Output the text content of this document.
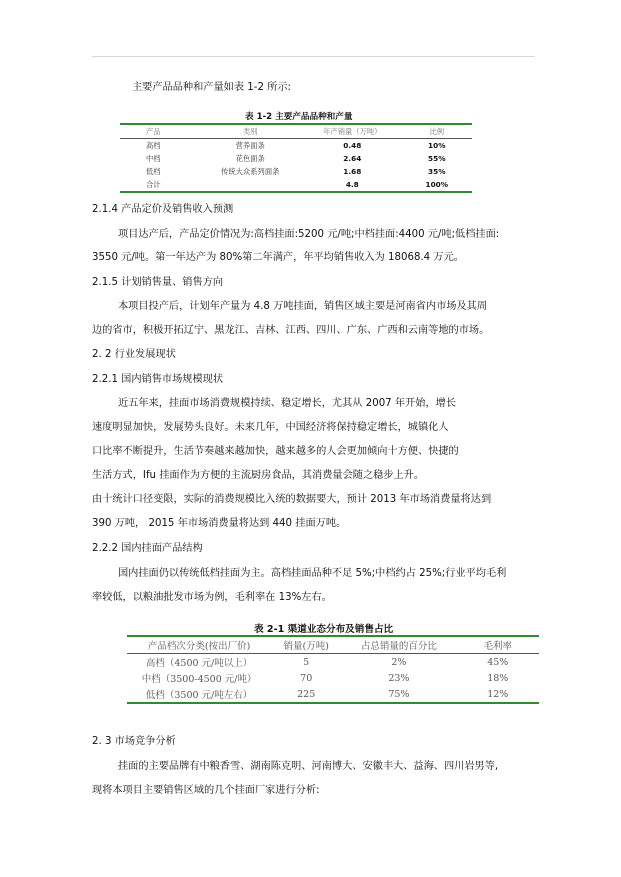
主要产品品种和产量如表 1-2 所示:
表 1-2 主要产品品种和产量
产品	类别	年产销量（万吨）	比例
高档	营养面条	0.48	10%
中档	花色面条	2.64	55%
低档	传统大众系列面条	1.68	35%
合计		4.8	100%
2.1.4 产品定价及销售收入预测
项目达产后，产品定价情况为:高档挂面:5200 元/吨;中档挂面:4400 元/吨;低档挂面:
3550 元/吨。第一年达产为 80%第二年满产，年平均销售收入为 18068.4 万元。
2.1.5 计划销售量、销售方向
本项目投产后，计划年产量为 4.8 万吨挂面，销售区域主要是河南省内市场及其周
边的省市，积极开拓辽宁、黑龙江、吉林、江西、四川、广东、广西和云南等地的市场。
2. 2 行业发展现状
2.2.1 国内销售市场规模现状
近五年来，挂面市场消费规模持续、稳定增长，尤其从 2007 年开始，增长
速度明显加快，发展势头良好。未来几年，中国经济将保持稳定增长，城镇化人
口比率不断提升，生活节奏越来越加快，越来越多的人会更加倾向十方便、快捷的
生活方式，Ifu 挂面作为方便的主流厨房食品，其消费量会随之稳步上升。
由十统计口径变限，实际的消费规模比入统的数据要大，预计 2013 年市场消费量将达到
390 万吨， 2015 年市场消费量将达到 440 挂面万吨。
2.2.2 国内挂面产品结构
国内挂面仍以传统低档挂面为主。高档挂面品种不足 5%;中档约占 25%;行业平均毛利
率较低，以粮油批发市场为例，毛利率在 13%左右。
表 2-1 渠道业态分布及销售占比
产品档次分类(按出厂价)	销量(万吨)	占总销量的百分比	毛利率
高档（4500 元/吨以上）	5	2%	45%
中档（3500-4500 元/吨）	70	23%	18%
低档（3500 元/吨左右）	225	75%	12%
2. 3 市场竞争分析
挂面的主要品牌有中粮香雪、湖南陈克明、河南博大、安徽丰大、益海、四川岩男等,
现将本项目主要销售区域的几个挂面厂家进行分析:
